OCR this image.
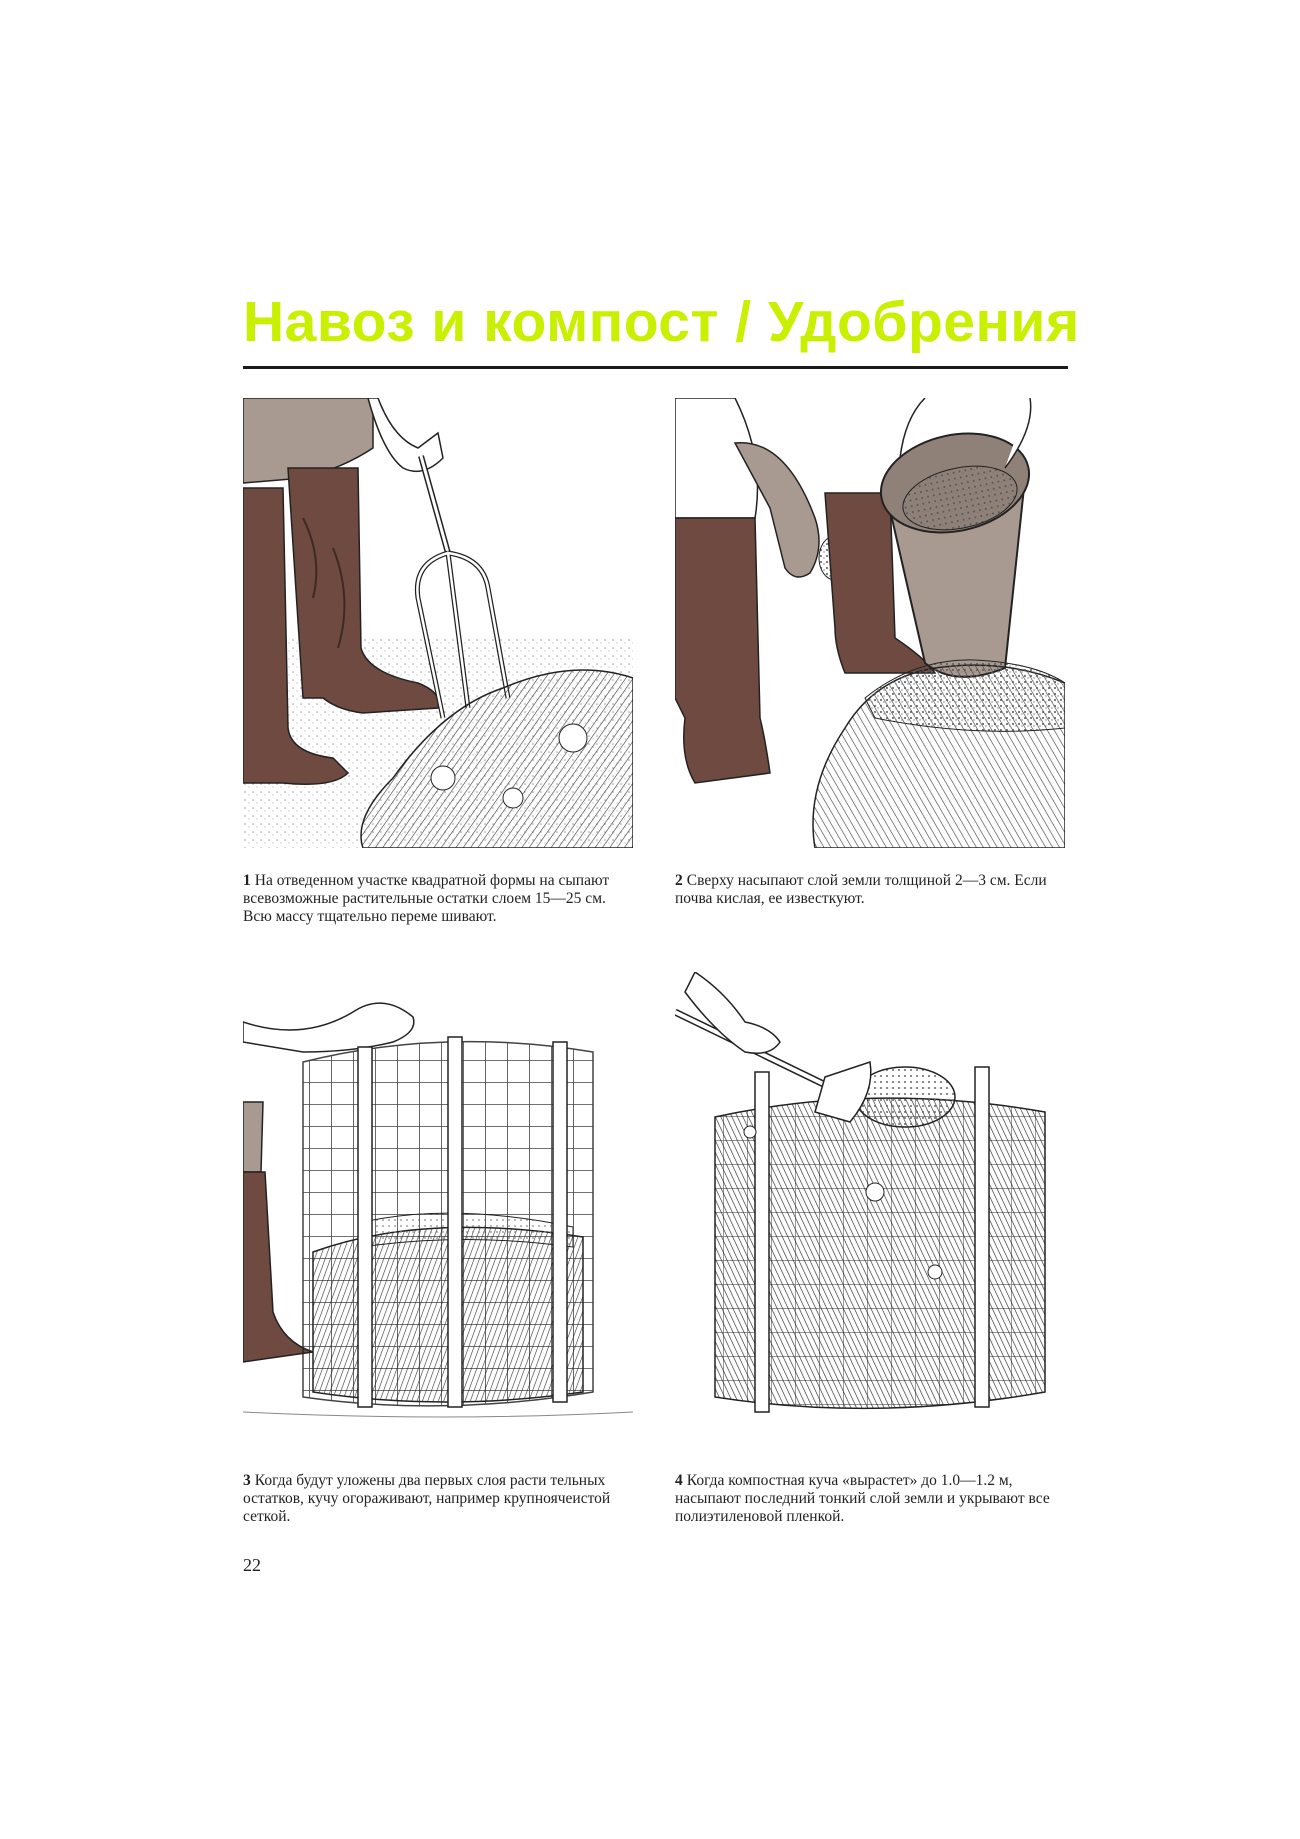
Навоз и компост / Удобрения

1 На отведенном участке квадратной формы на сыпают всевозможные растительные остатки слоем 15—25 см. Всю массу тщательно переме шивают.

2 Сверху насыпают слой земли толщиной 2—3 см. Если почва кислая, ее известкуют.

3 Когда будут уложены два первых слоя расти тельных остатков, кучу огораживают, например крупноячеистой сеткой.

4 Когда компостная куча «вырастет» до 1.0—1.2 м, насыпают последний тонкий слой земли и укрывают все полиэтиленовой пленкой.

22
